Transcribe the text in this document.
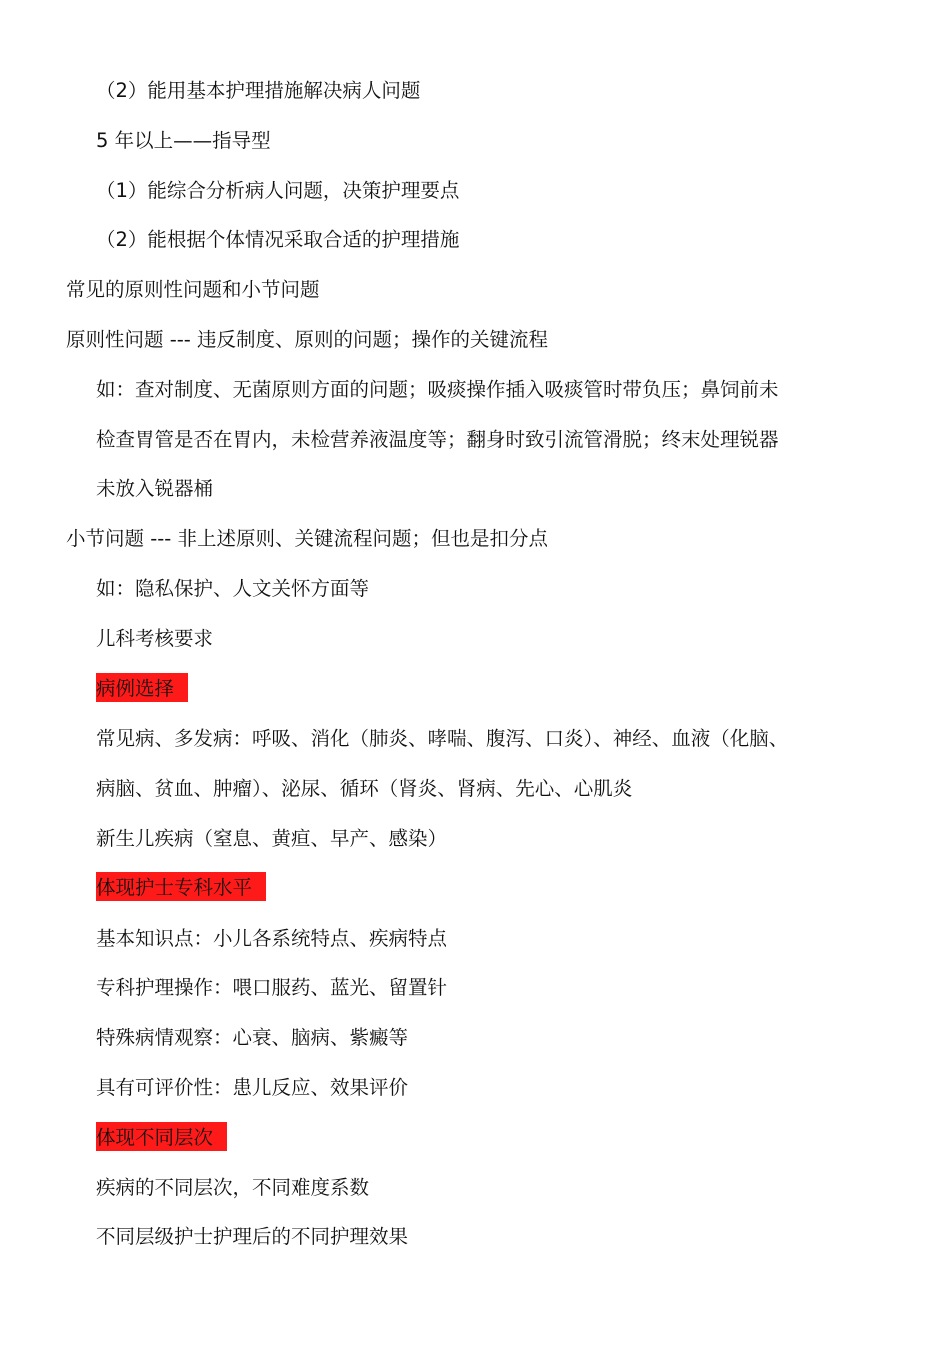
（2）能用基本护理措施解决病人问题
5 年以上——指导型
（1）能综合分析病人问题，决策护理要点
（2）能根据个体情况采取合适的护理措施
常见的原则性问题和小节问题
原则性问题 --- 违反制度、原则的问题；操作的关键流程
如：查对制度、无菌原则方面的问题；吸痰操作插入吸痰管时带负压；鼻饲前未
检查胃管是否在胃内，未检营养液温度等；翻身时致引流管滑脱；终末处理锐器
未放入锐器桶
小节问题 --- 非上述原则、关键流程问题；但也是扣分点
如：隐私保护、人文关怀方面等
儿科考核要求
病例选择
常见病、多发病：呼吸、消化（肺炎、哮喘、腹泻、口炎）、神经、血液（化脑、
病脑、贫血、肿瘤）、泌尿、循环（肾炎、肾病、先心、心肌炎
新生儿疾病（窒息、黄疸、早产、感染）
体现护士专科水平
基本知识点：小儿各系统特点、疾病特点
专科护理操作：喂口服药、蓝光、留置针
特殊病情观察：心衰、脑病、紫癜等
具有可评价性：患儿反应、效果评价
体现不同层次
疾病的不同层次，不同难度系数
不同层级护士护理后的不同护理效果
